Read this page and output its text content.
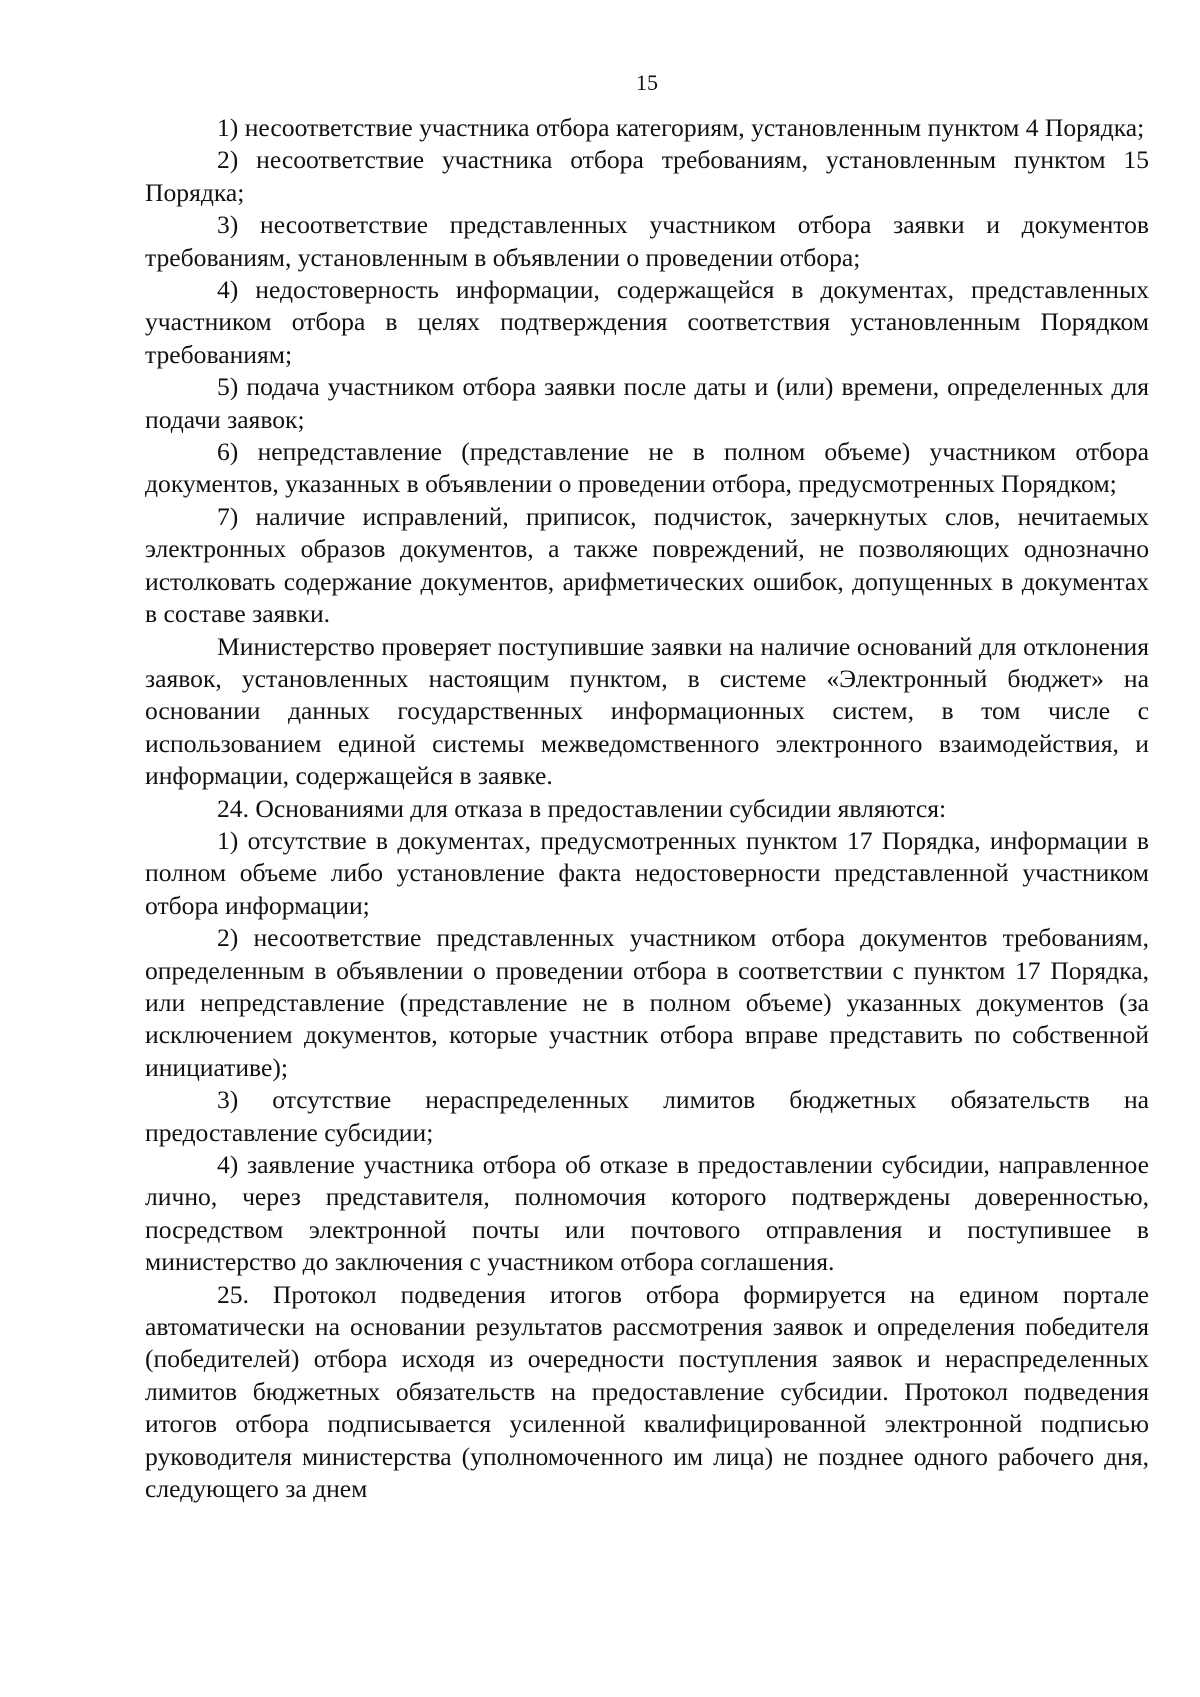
15

1) несоответствие участника отбора категориям, установленным пунктом 4 Порядка;

2) несоответствие участника отбора требованиям, установленным пунктом 15 Порядка;

3) несоответствие представленных участником отбора заявки и документов требованиям, установленным в объявлении о проведении отбора;

4) недостоверность информации, содержащейся в документах, представленных участником отбора в целях подтверждения соответствия установленным Порядком требованиям;

5) подача участником отбора заявки после даты и (или) времени, определенных для подачи заявок;

6) непредставление (представление не в полном объеме) участником отбора документов, указанных в объявлении о проведении отбора, предусмотренных Порядком;

7) наличие исправлений, приписок, подчисток, зачеркнутых слов, нечитаемых электронных образов документов, а также повреждений, не позволяющих однозначно истолковать содержание документов, арифметических ошибок, допущенных в документах в составе заявки.

Министерство проверяет поступившие заявки на наличие оснований для отклонения заявок, установленных настоящим пунктом, в системе «Электронный бюджет» на основании данных государственных информационных систем, в том числе с использованием единой системы межведомственного электронного взаимодействия, и информации, содержащейся в заявке.

24. Основаниями для отказа в предоставлении субсидии являются:

1) отсутствие в документах, предусмотренных пунктом 17 Порядка, информации в полном объеме либо установление факта недостоверности представленной участником отбора информации;

2) несоответствие представленных участником отбора документов требованиям, определенным в объявлении о проведении отбора в соответствии с пунктом 17 Порядка, или непредставление (представление не в полном объеме) указанных документов (за исключением документов, которые участник отбора вправе представить по собственной инициативе);

3) отсутствие нераспределенных лимитов бюджетных обязательств на предоставление субсидии;

4) заявление участника отбора об отказе в предоставлении субсидии, направленное лично, через представителя, полномочия которого подтверждены доверенностью, посредством электронной почты или почтового отправления и поступившее в министерство до заключения с участником отбора соглашения.

25. Протокол подведения итогов отбора формируется на едином портале автоматически на основании результатов рассмотрения заявок и определения победителя (победителей) отбора исходя из очередности поступления заявок и нераспределенных лимитов бюджетных обязательств на предоставление субсидии. Протокол подведения итогов отбора подписывается усиленной квалифицированной электронной подписью руководителя министерства (уполномоченного им лица) не позднее одного рабочего дня, следующего за днем
